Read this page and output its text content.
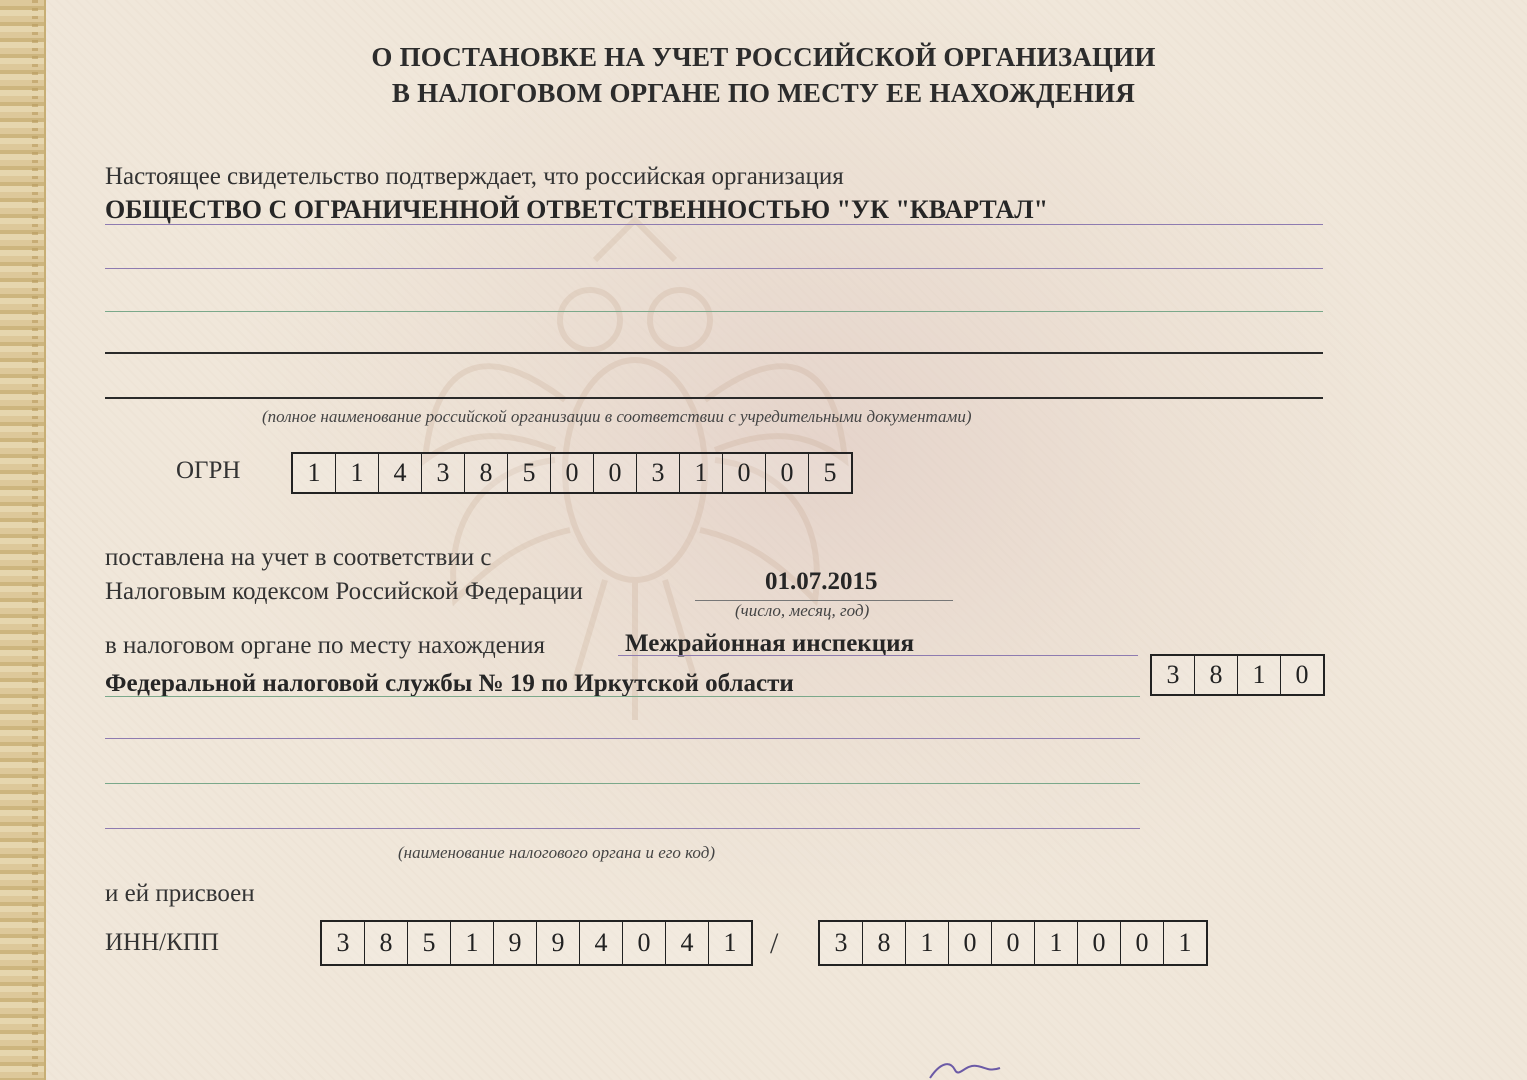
О ПОСТАНОВКЕ НА УЧЕТ РОССИЙСКОЙ ОРГАНИЗАЦИИ
В НАЛОГОВОМ ОРГАНЕ ПО МЕСТУ ЕЕ НАХОЖДЕНИЯ
Настоящее свидетельство подтверждает, что российская организация
ОБЩЕСТВО С ОГРАНИЧЕННОЙ ОТВЕТСТВЕННОСТЬЮ "УК "КВАРТАЛ"
(полное наименование российской организации в соответствии с учредительными документами)
ОГРН	1	1	4	3	8	5	0	0	3	1	0	0	5
поставлена на учет в соответствии с
Налоговым кодексом Российской Федерации	01.07.2015
(число, месяц, год)
в налоговом органе по месту нахождения	Межрайонная инспекция
Федеральной налоговой службы № 19 по Иркутской области	3	8	1	0
(наименование налогового органа и его код)
и ей присвоен
ИНН/КПП	3	8	5	1	9	9	4	0	4	1	/	3	8	1	0	0	1	0	0	1
